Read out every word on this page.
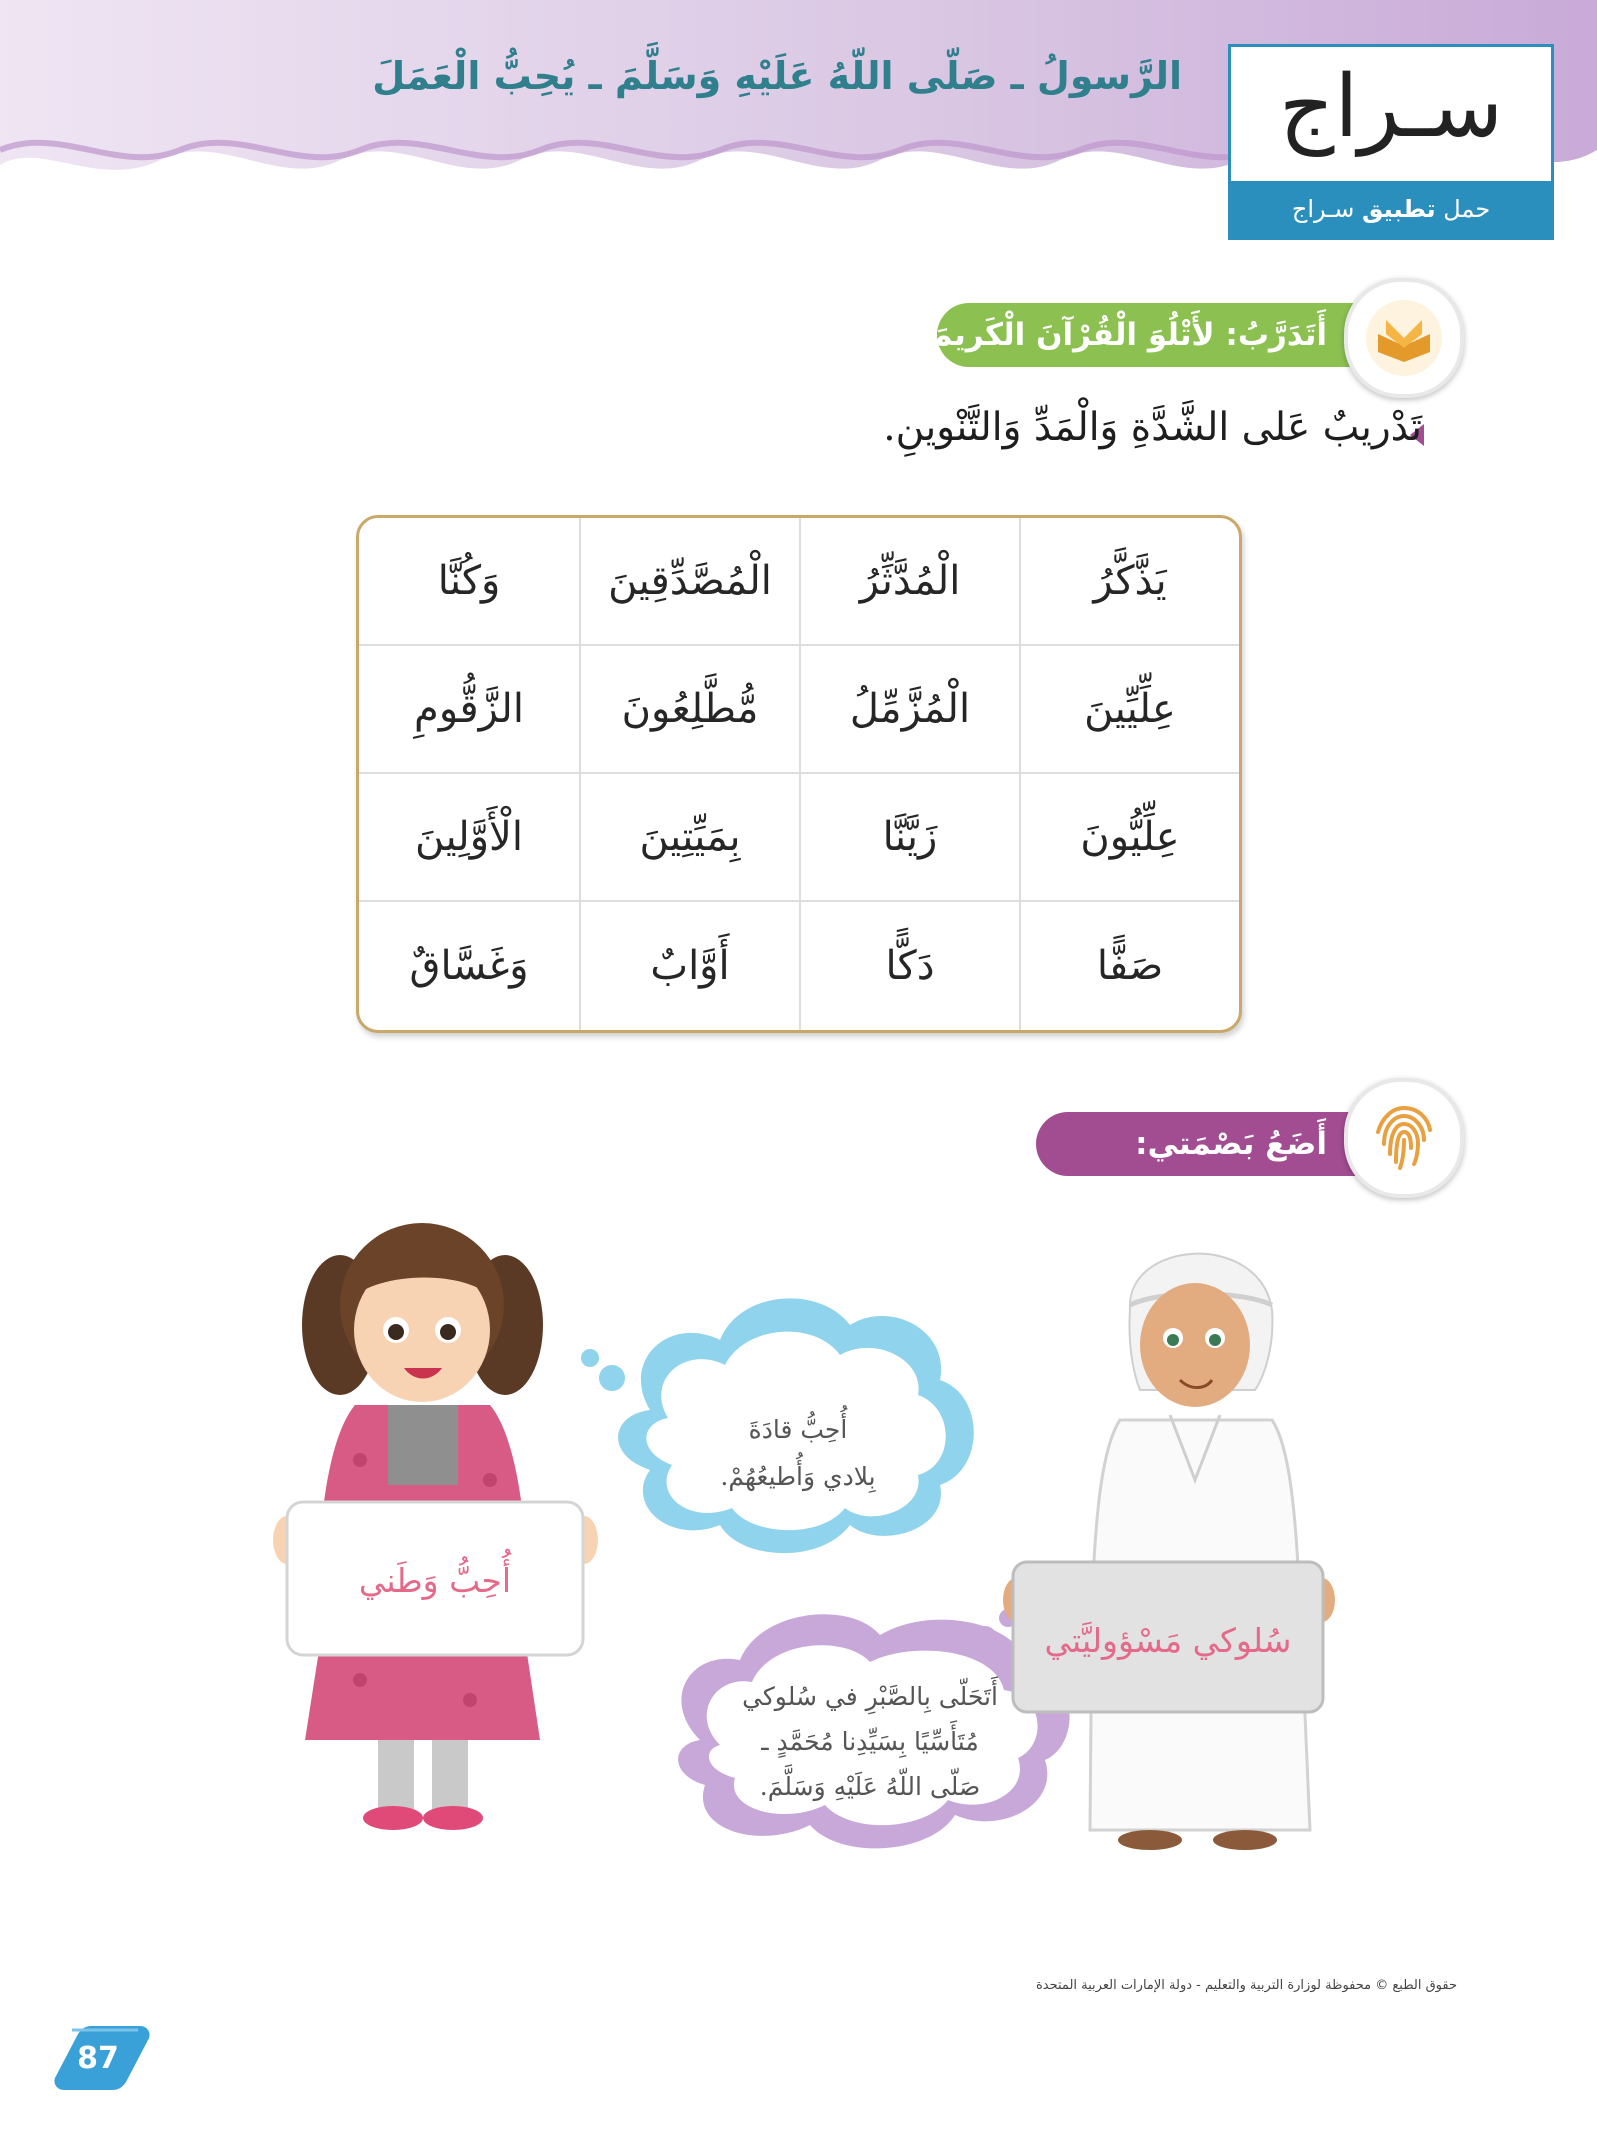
الرَّسولُ ـ صَلّى اللّهُ عَلَيْهِ وَسَلَّمَ ـ يُحِبُّ الْعَمَلَ	سـراج
حمل تطبيق سـراج
أَتَدَرَّبُ: لأَتْلُوَ الْقُرْآنَ الْكَريمَ:
تَدْريبٌ عَلى الشَّدَّةِ وَالْمَدِّ وَالتَّنْوينِ.
يَذَّكَّرُ
الْمُدَّثِّرُ
الْمُصَّدِّقِينَ
وَكُنَّا
عِلِّيِّينَ
الْمُزَّمِّلُ
مُّطَّلِعُونَ
الزَّقُّومِ
عِلِّيُّونَ
زَيَّنَّا
بِمَيِّتِينَ
الْأَوَّلِينَ
صَفًّا
دَكًّا
أَوَّابٌ
وَغَسَّاقٌ
أَضَعُ بَصْمَتي:
أُحِبُّ قادَةَ
بِلادي وَأُطيعُهُمْ.
أَتَحَلّى بِالصَّبْرِ في سُلوكي
مُتَأَسِّيًا بِسَيِّدِنا مُحَمَّدٍ ـ
صَلّى اللّهُ عَلَيْهِ وَسَلَّمَ.
أُحِبُّ وَطَني
سُلوكي مَسْؤوليَّتي
حقوق الطبع © محفوظة لوزارة التربية والتعليم - دولة الإمارات العربية المتحدة
87
